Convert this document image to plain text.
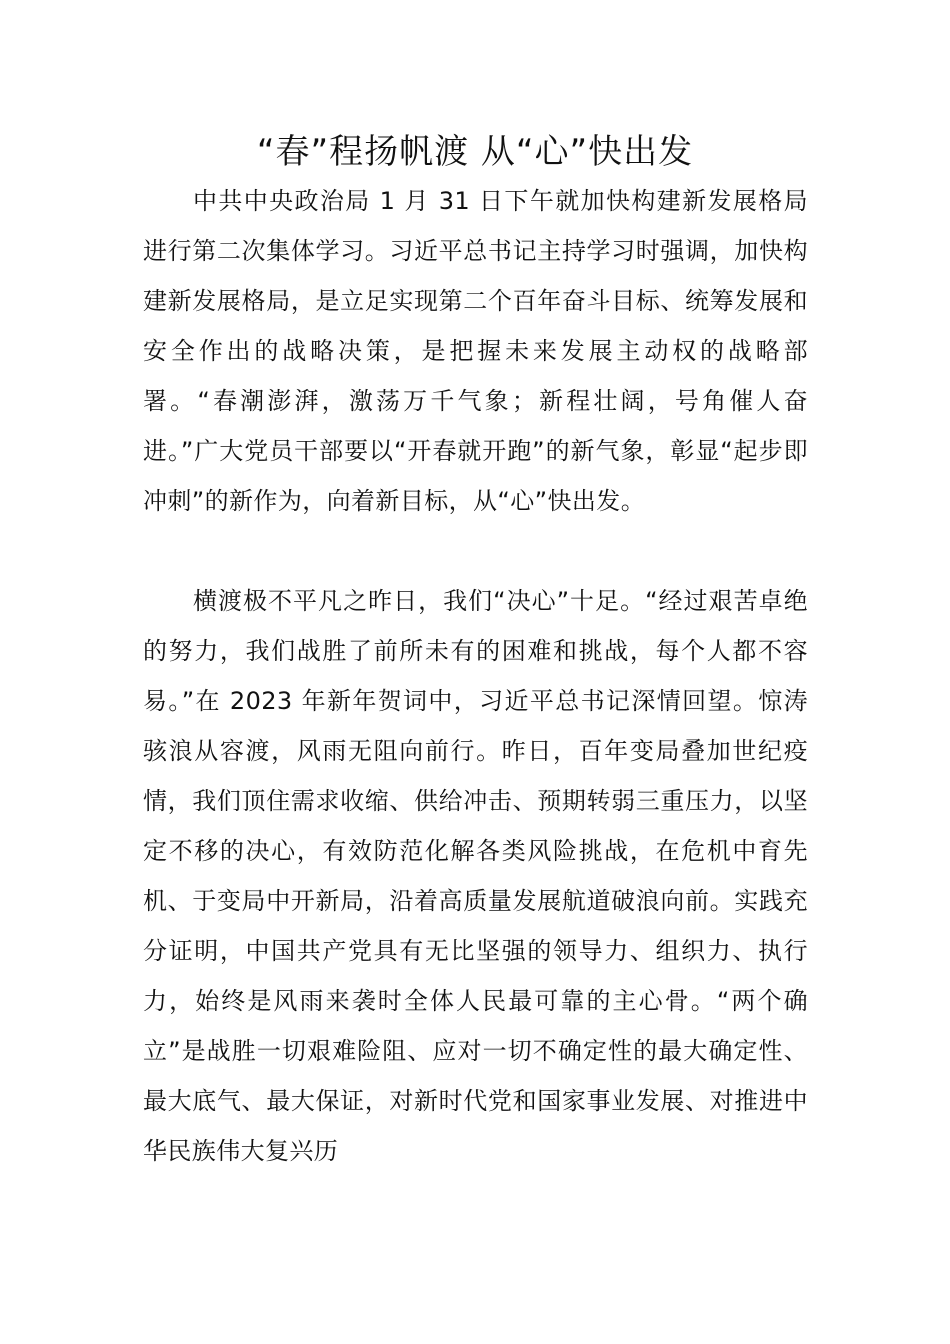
“春”程扬帆渡 从“心”快出发

中共中央政治局 1 月 31 日下午就加快构建新发展格局进行第二次集体学习。习近平总书记主持学习时强调，加快构建新发展格局，是立足实现第二个百年奋斗目标、统筹发展和安全作出的战略决策，是把握未来发展主动权的战略部署。“春潮澎湃，激荡万千气象；新程壮阔，号角催人奋进。”广大党员干部要以“开春就开跑”的新气象，彰显“起步即冲刺”的新作为，向着新目标，从“心”快出发。

横渡极不平凡之昨日，我们“决心”十足。“经过艰苦卓绝的努力，我们战胜了前所未有的困难和挑战，每个人都不容易。”在 2023 年新年贺词中，习近平总书记深情回望。惊涛骇浪从容渡，风雨无阻向前行。昨日，百年变局叠加世纪疫情，我们顶住需求收缩、供给冲击、预期转弱三重压力，以坚定不移的决心，有效防范化解各类风险挑战，在危机中育先机、于变局中开新局，沿着高质量发展航道破浪向前。实践充分证明，中国共产党具有无比坚强的领导力、组织力、执行力，始终是风雨来袭时全体人民最可靠的主心骨。“两个确立”是战胜一切艰难险阻、应对一切不确定性的最大确定性、最大底气、最大保证，对新时代党和国家事业发展、对推进中华民族伟大复兴历
